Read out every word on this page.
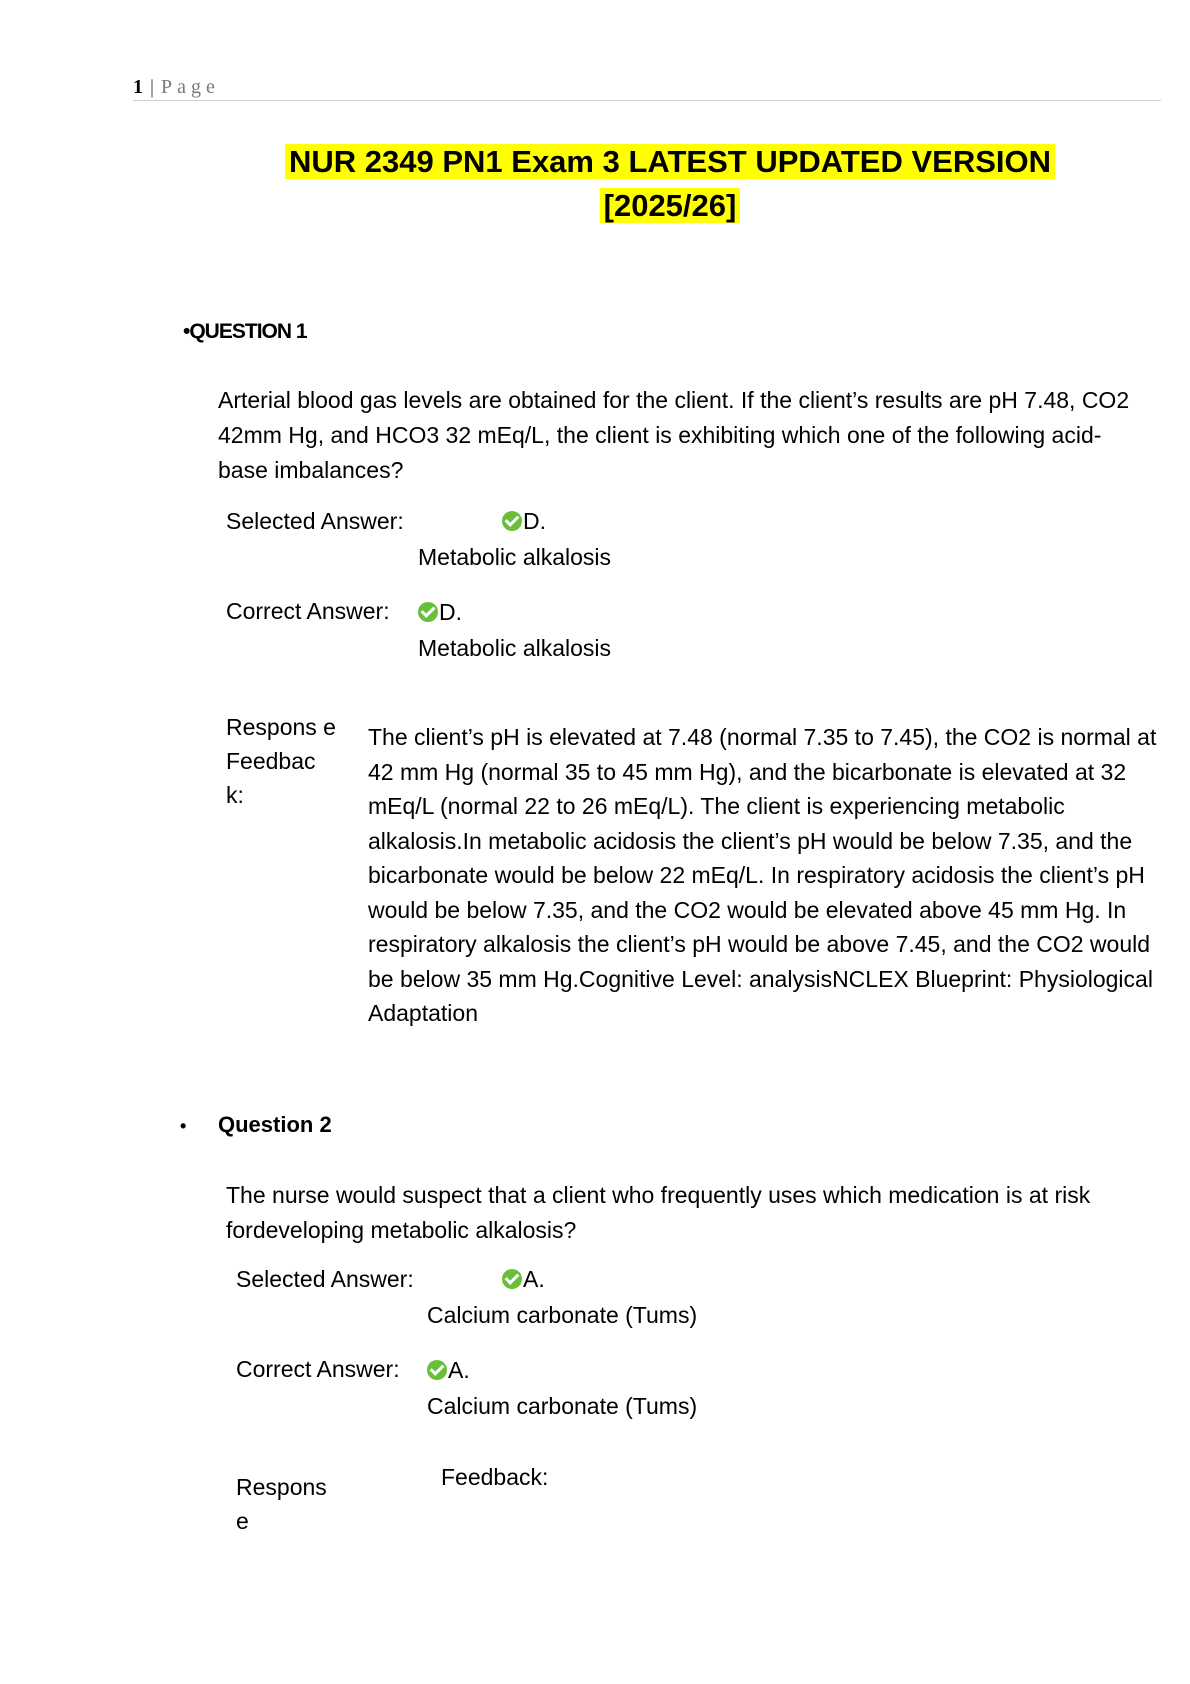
1 | Page
NUR 2349 PN1 Exam 3 LATEST UPDATED VERSION
[2025/26]
•QUESTION 1
Arterial blood gas levels are obtained for the client. If the client’s results are pH 7.48, CO2 42mm Hg, and HCO3 32 mEq/L, the client is exhibiting which one of the following acid-base imbalances?
Selected Answer:	D.
Metabolic alkalosis
Correct Answer:	D.
Metabolic alkalosis
Respons e Feedbac k:
The client’s pH is elevated at 7.48 (normal 7.35 to 7.45), the CO2 is normal at 42 mm Hg (normal 35 to 45 mm Hg), and the bicarbonate is elevated at 32 mEq/L (normal 22 to 26 mEq/L). The client is experiencing metabolic alkalosis.In metabolic acidosis the client’s pH would be below 7.35, and the bicarbonate would be below 22 mEq/L. In respiratory acidosis the client’s pH would be below 7.35, and the CO2 would be elevated above 45 mm Hg. In respiratory alkalosis the client’s pH would be above 7.45, and the CO2 would be below 35 mm Hg.Cognitive Level: analysisNCLEX Blueprint: Physiological Adaptation
• Question 2
The nurse would suspect that a client who frequently uses which medication is at risk fordeveloping metabolic alkalosis?
Selected Answer:	A.
Calcium carbonate (Tums)
Correct Answer:	A.
Calcium carbonate (Tums)
Respons e
Feedback:
